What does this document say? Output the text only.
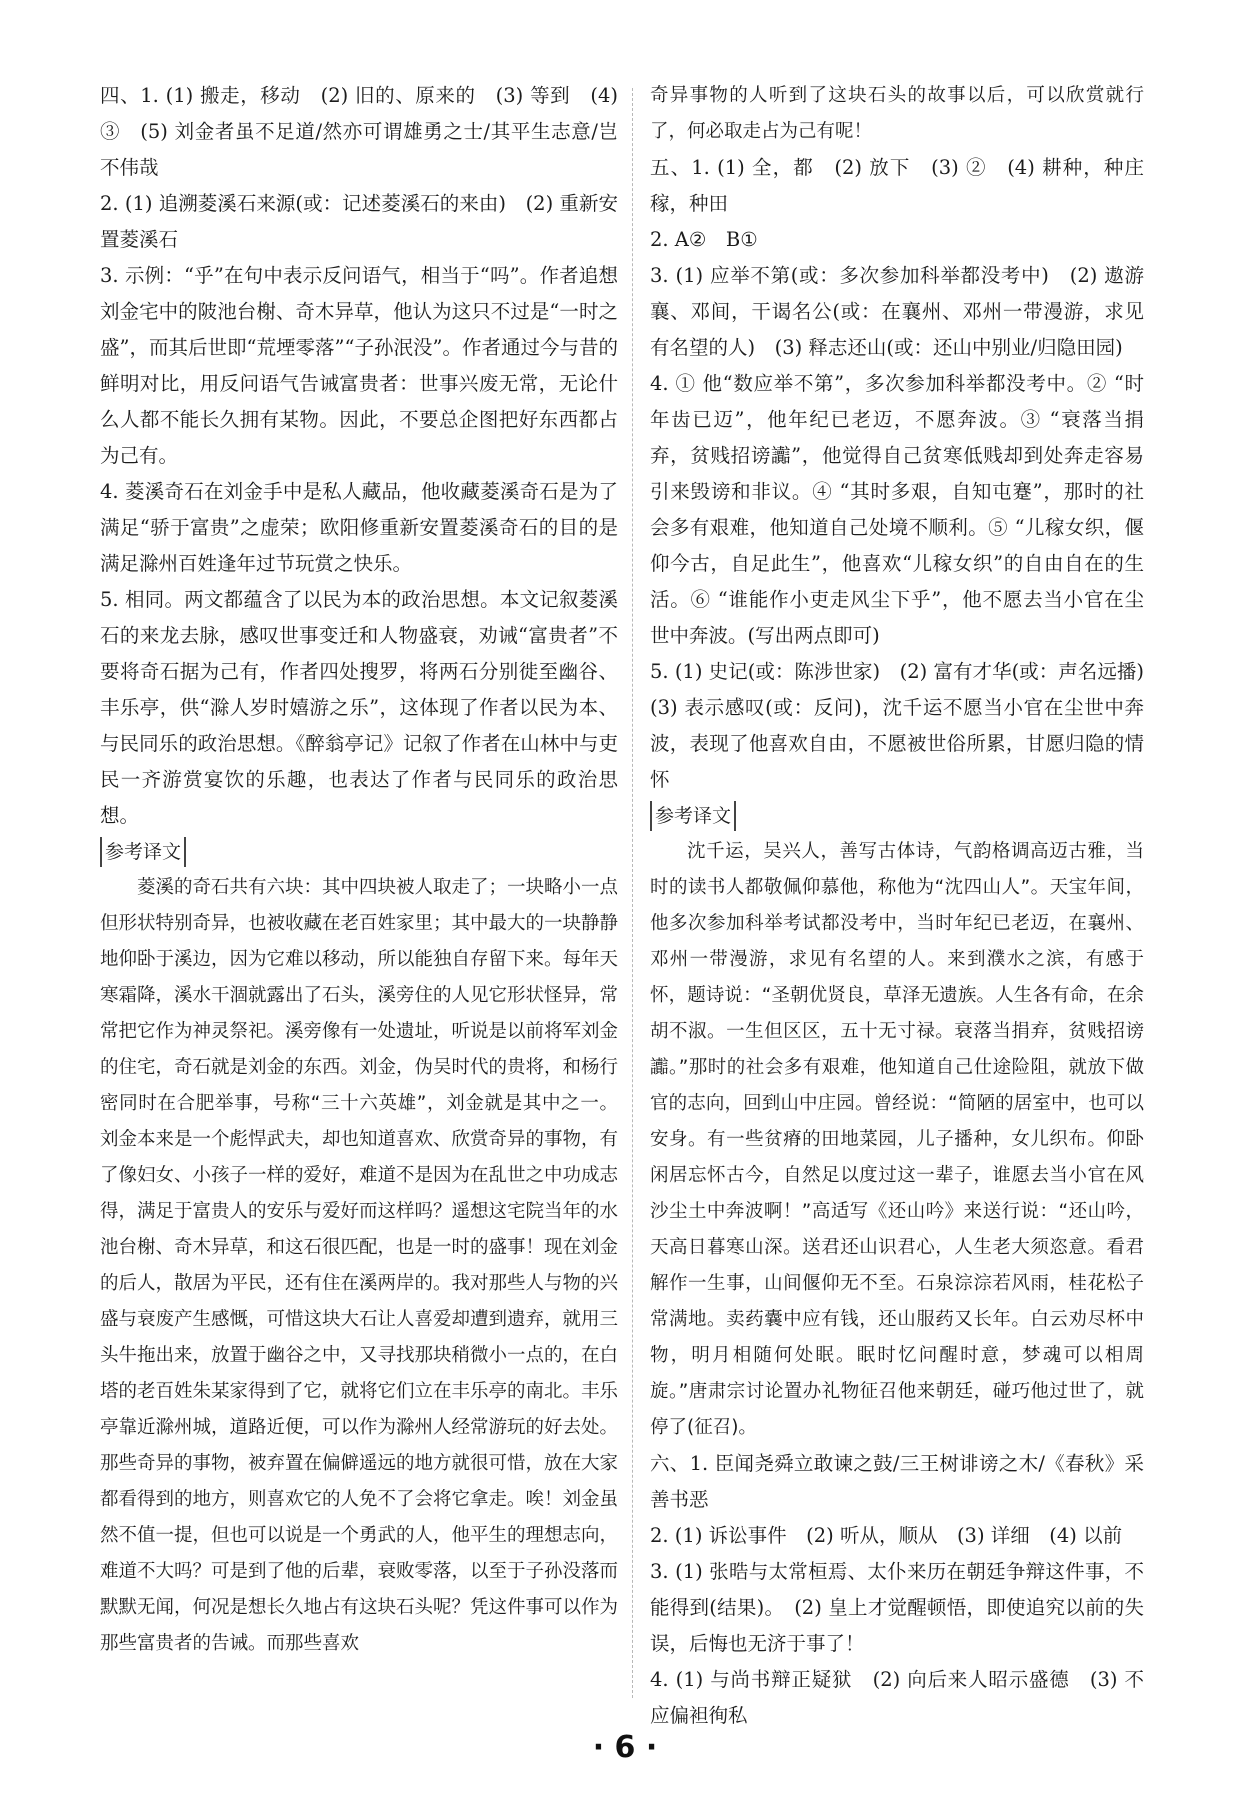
四、1. (1) 搬走，移动　(2) 旧的、原来的　(3) 等到　(4) ③　(5) 刘金者虽不足道/然亦可谓雄勇之士/其平生志意/岂不伟哉

2. (1) 追溯菱溪石来源(或：记述菱溪石的来由)　(2) 重新安置菱溪石

3. 示例：“乎”在句中表示反问语气，相当于“吗”。作者追想刘金宅中的陂池台榭、奇木异草，他认为这只不过是“一时之盛”，而其后世即“荒堙零落”“子孙泯没”。作者通过今与昔的鲜明对比，用反问语气告诫富贵者：世事兴废无常，无论什么人都不能长久拥有某物。因此，不要总企图把好东西都占为己有。

4. 菱溪奇石在刘金手中是私人藏品，他收藏菱溪奇石是为了满足“骄于富贵”之虚荣；欧阳修重新安置菱溪奇石的目的是满足滁州百姓逢年过节玩赏之快乐。

5. 相同。两文都蕴含了以民为本的政治思想。本文记叙菱溪石的来龙去脉，感叹世事变迁和人物盛衰，劝诫“富贵者”不要将奇石据为己有，作者四处搜罗，将两石分别徙至幽谷、丰乐亭，供“滁人岁时嬉游之乐”，这体现了作者以民为本、与民同乐的政治思想。《醉翁亭记》记叙了作者在山林中与吏民一齐游赏宴饮的乐趣，也表达了作者与民同乐的政治思想。

参考译文

菱溪的奇石共有六块：其中四块被人取走了；一块略小一点但形状特别奇异，也被收藏在老百姓家里；其中最大的一块静静地仰卧于溪边，因为它难以移动，所以能独自存留下来。每年天寒霜降，溪水干涸就露出了石头，溪旁住的人见它形状怪异，常常把它作为神灵祭祀。溪旁像有一处遗址，听说是以前将军刘金的住宅，奇石就是刘金的东西。刘金，伪吴时代的贵将，和杨行密同时在合肥举事，号称“三十六英雄”，刘金就是其中之一。刘金本来是一个彪悍武夫，却也知道喜欢、欣赏奇异的事物，有了像妇女、小孩子一样的爱好，难道不是因为在乱世之中功成志得，满足于富贵人的安乐与爱好而这样吗？遥想这宅院当年的水池台榭、奇木异草，和这石很匹配，也是一时的盛事！现在刘金的后人，散居为平民，还有住在溪两岸的。我对那些人与物的兴盛与衰废产生感慨，可惜这块大石让人喜爱却遭到遗弃，就用三头牛拖出来，放置于幽谷之中，又寻找那块稍微小一点的，在白塔的老百姓朱某家得到了它，就将它们立在丰乐亭的南北。丰乐亭靠近滁州城，道路近便，可以作为滁州人经常游玩的好去处。那些奇异的事物，被弃置在偏僻遥远的地方就很可惜，放在大家都看得到的地方，则喜欢它的人免不了会将它拿走。唉！刘金虽然不值一提，但也可以说是一个勇武的人，他平生的理想志向，难道不大吗？可是到了他的后辈，衰败零落，以至于子孙没落而默默无闻，何况是想长久地占有这块石头呢？凭这件事可以作为那些富贵者的告诫。而那些喜欢

奇异事物的人听到了这块石头的故事以后，可以欣赏就行了，何必取走占为己有呢！

五、1. (1) 全，都　(2) 放下　(3) ②　(4) 耕种，种庄稼，种田

2. A②　B①

3. (1) 应举不第(或：多次参加科举都没考中)　(2) 遨游襄、邓间，干谒名公(或：在襄州、邓州一带漫游，求见有名望的人)　(3) 释志还山(或：还山中别业/归隐田园)

4. ① 他“数应举不第”，多次参加科举都没考中。② “时年齿已迈”，他年纪已老迈，不愿奔波。③ “衰落当捐弃，贫贱招谤讟”，他觉得自己贫寒低贱却到处奔走容易引来毁谤和非议。④ “其时多艰，自知屯蹇”，那时的社会多有艰难，他知道自己处境不顺利。⑤ “儿稼女织，偃仰今古，自足此生”，他喜欢“儿稼女织”的自由自在的生活。⑥ “谁能作小吏走风尘下乎”，他不愿去当小官在尘世中奔波。(写出两点即可)

5. (1) 史记(或：陈涉世家)　(2) 富有才华(或：声名远播)　(3) 表示感叹(或：反问)，沈千运不愿当小官在尘世中奔波，表现了他喜欢自由，不愿被世俗所累，甘愿归隐的情怀

参考译文

沈千运，吴兴人，善写古体诗，气韵格调高迈古雅，当时的读书人都敬佩仰慕他，称他为“沈四山人”。天宝年间，他多次参加科举考试都没考中，当时年纪已老迈，在襄州、邓州一带漫游，求见有名望的人。来到濮水之滨，有感于怀，题诗说：“圣朝优贤良，草泽无遗族。人生各有命，在余胡不淑。一生但区区，五十无寸禄。衰落当捐弃，贫贱招谤讟。”那时的社会多有艰难，他知道自己仕途险阻，就放下做官的志向，回到山中庄园。曾经说：“简陋的居室中，也可以安身。有一些贫瘠的田地菜园，儿子播种，女儿织布。仰卧闲居忘怀古今，自然足以度过这一辈子，谁愿去当小官在风沙尘土中奔波啊！”高适写《还山吟》来送行说：“还山吟，天高日暮寒山深。送君还山识君心，人生老大须恣意。看君解作一生事，山间偃仰无不至。石泉淙淙若风雨，桂花松子常满地。卖药囊中应有钱，还山服药又长年。白云劝尽杯中物，明月相随何处眠。眠时忆问醒时意，梦魂可以相周旋。”唐肃宗讨论置办礼物征召他来朝廷，碰巧他过世了，就停了(征召)。

六、1. 臣闻尧舜立敢谏之鼓/三王树诽谤之木/《春秋》采善书恶

2. (1) 诉讼事件　(2) 听从，顺从　(3) 详细　(4) 以前

3. (1) 张晧与太常桓焉、太仆来历在朝廷争辩这件事，不能得到(结果)。　(2) 皇上才觉醒顿悟，即使追究以前的失误，后悔也无济于事了！

4. (1) 与尚书辩正疑狱　(2) 向后来人昭示盛德　(3) 不应偏袒徇私

· 6 ·
